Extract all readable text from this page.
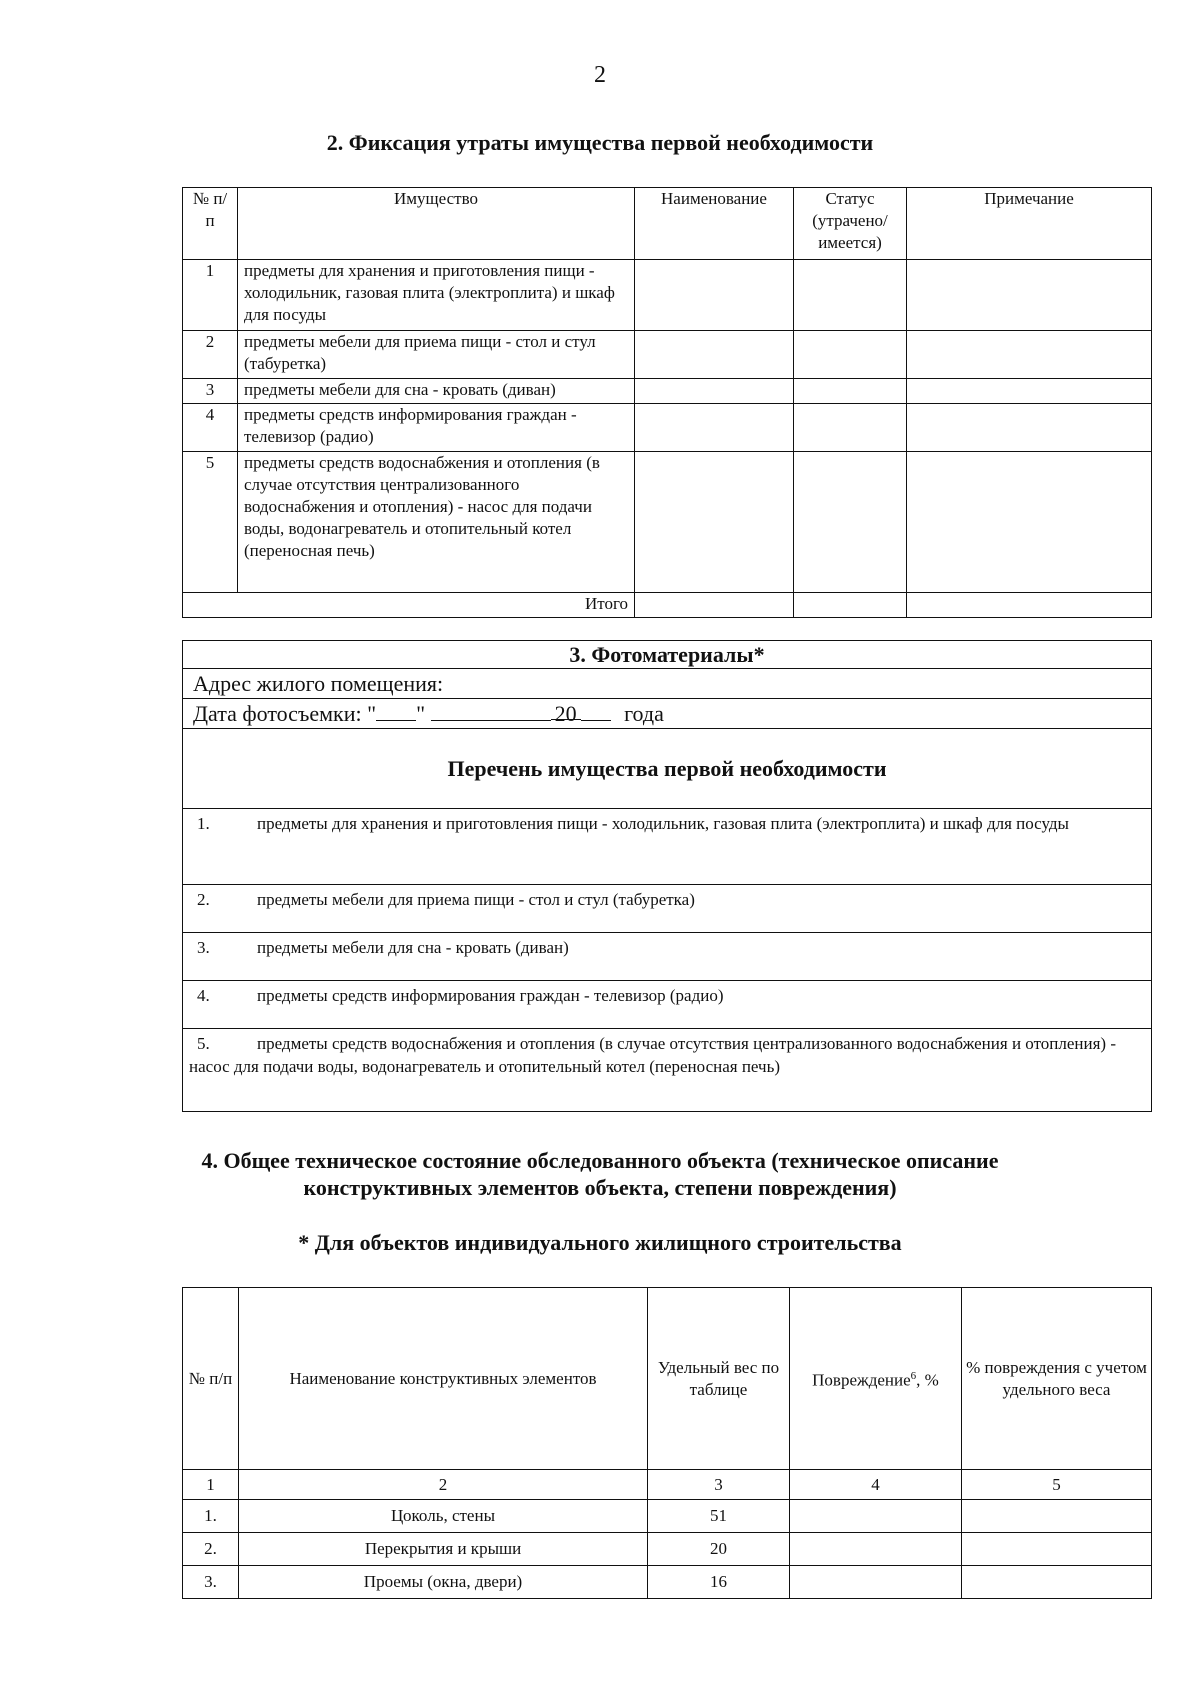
2
2. Фиксация утраты имущества первой необходимости
№ п/п	Имущество	Наименование	Статус (утрачено/ имеется)	Примечание
1	предметы для хранения и приготовления пищи - холодильник, газовая плита (электроплита) и шкаф для посуды			
2	предметы мебели для приема пищи - стол и стул (табуретка)			
3	предметы мебели для сна - кровать (диван)			
4	предметы средств информирования граждан - телевизор (радио)			
5	предметы средств водоснабжения и отопления (в случае отсутствия централизованного водоснабжения и отопления) - насос для подачи воды, водонагреватель и отопительный котел (переносная печь)			
Итого				
3. Фотоматериалы*
Адрес жилого помещения:
Дата фотосъемки: " "	20 года
Перечень имущества первой необходимости
1.	предметы для хранения и приготовления пищи - холодильник, газовая плита (электроплита) и шкаф для посуды
2.	предметы мебели для приема пищи - стол и стул (табуретка)
3.	предметы мебели для сна - кровать (диван)
4.	предметы средств информирования граждан - телевизор (радио)
5.	предметы средств водоснабжения и отопления (в случае отсутствия централизованного водоснабжения и отопления) - насос для подачи воды, водонагреватель и отопительный котел (переносная печь)
4. Общее техническое состояние обследованного объекта (техническое описание
конструктивных элементов объекта, степени повреждения)
* Для объектов индивидуального жилищного строительства
№ п/п	Наименование конструктивных элементов	Удельный вес по таблице	Повреждение$^6$, %	% повреждения с учетом удельного веса
1	2	3	4	5
1.	Цоколь, стены	51		
2.	Перекрытия и крыши	20		
3.	Проемы (окна, двери)	16		
